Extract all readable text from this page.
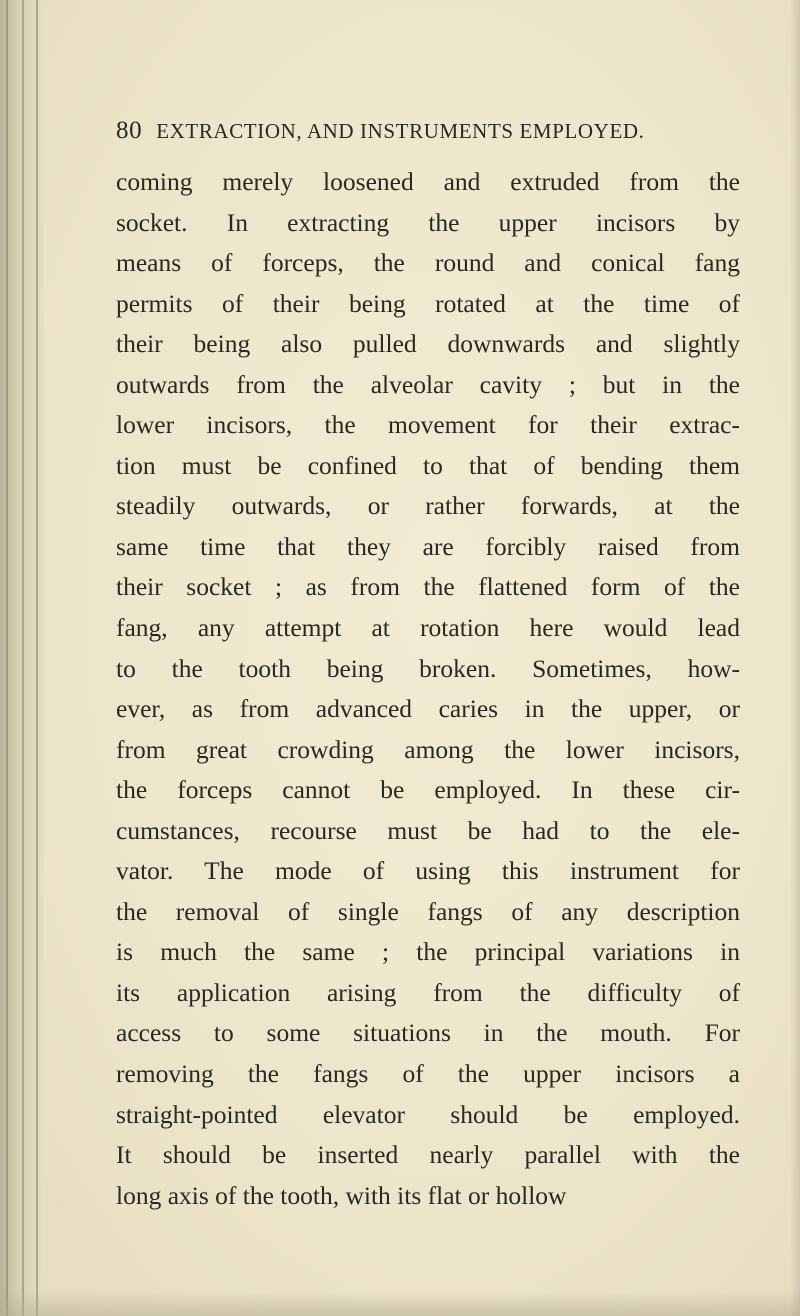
80 EXTRACTION, AND INSTRUMENTS EMPLOYED.
coming merely loosened and extruded from the
socket. In extracting the upper incisors by
means of forceps, the round and conical fang
permits of their being rotated at the time of
their being also pulled downwards and slightly
outwards from the alveolar cavity ; but in the
lower incisors, the movement for their extrac-
tion must be confined to that of bending them
steadily outwards, or rather forwards, at the
same time that they are forcibly raised from
their socket ; as from the flattened form of the
fang, any attempt at rotation here would lead
to the tooth being broken. Sometimes, how-
ever, as from advanced caries in the upper, or
from great crowding among the lower incisors,
the forceps cannot be employed. In these cir-
cumstances, recourse must be had to the ele-
vator. The mode of using this instrument for
the removal of single fangs of any description
is much the same ; the principal variations in
its application arising from the difficulty of
access to some situations in the mouth. For
removing the fangs of the upper incisors a
straight-pointed elevator should be employed.
It should be inserted nearly parallel with the
long axis of the tooth, with its flat or hollow
